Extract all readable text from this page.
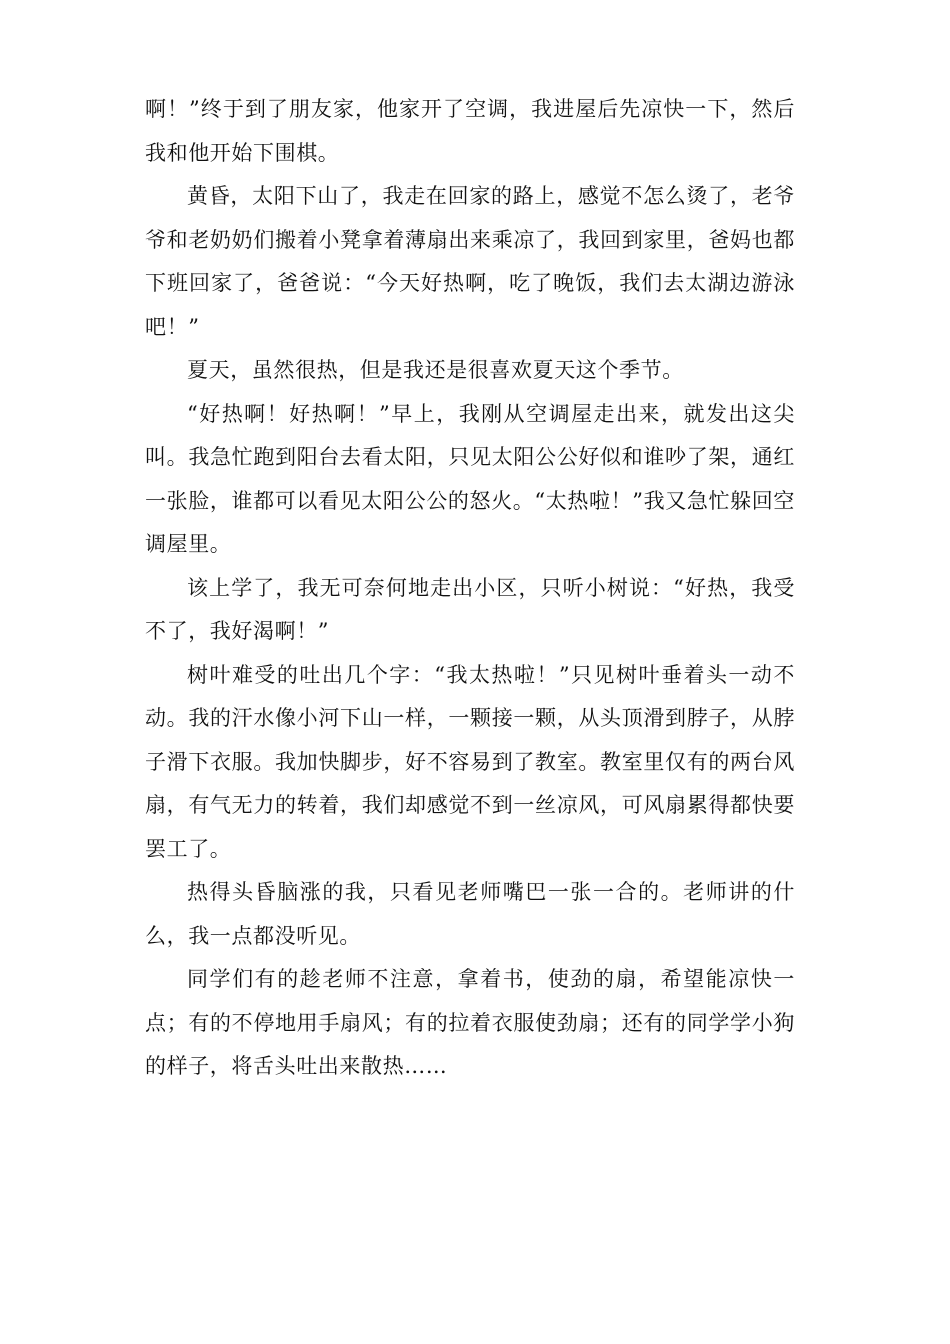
啊！”终于到了朋友家，他家开了空调，我进屋后先凉快一下，然后我和他开始下围棋。

黄昏，太阳下山了，我走在回家的路上，感觉不怎么烫了，老爷爷和老奶奶们搬着小凳拿着薄扇出来乘凉了，我回到家里，爸妈也都下班回家了，爸爸说：“今天好热啊，吃了晚饭，我们去太湖边游泳吧！”

夏天，虽然很热，但是我还是很喜欢夏天这个季节。

“好热啊！好热啊！”早上，我刚从空调屋走出来，就发出这尖叫。我急忙跑到阳台去看太阳，只见太阳公公好似和谁吵了架，通红一张脸，谁都可以看见太阳公公的怒火。“太热啦！”我又急忙躲回空调屋里。

该上学了，我无可奈何地走出小区，只听小树说：“好热，我受不了，我好渴啊！”

树叶难受的吐出几个字：“我太热啦！”只见树叶垂着头一动不动。我的汗水像小河下山一样，一颗接一颗，从头顶滑到脖子，从脖子滑下衣服。我加快脚步，好不容易到了教室。教室里仅有的两台风扇，有气无力的转着，我们却感觉不到一丝凉风，可风扇累得都快要罢工了。

热得头昏脑涨的我，只看见老师嘴巴一张一合的。老师讲的什么，我一点都没听见。

同学们有的趁老师不注意，拿着书，使劲的扇，希望能凉快一点；有的不停地用手扇风；有的拉着衣服使劲扇；还有的同学学小狗的样子，将舌头吐出来散热……
